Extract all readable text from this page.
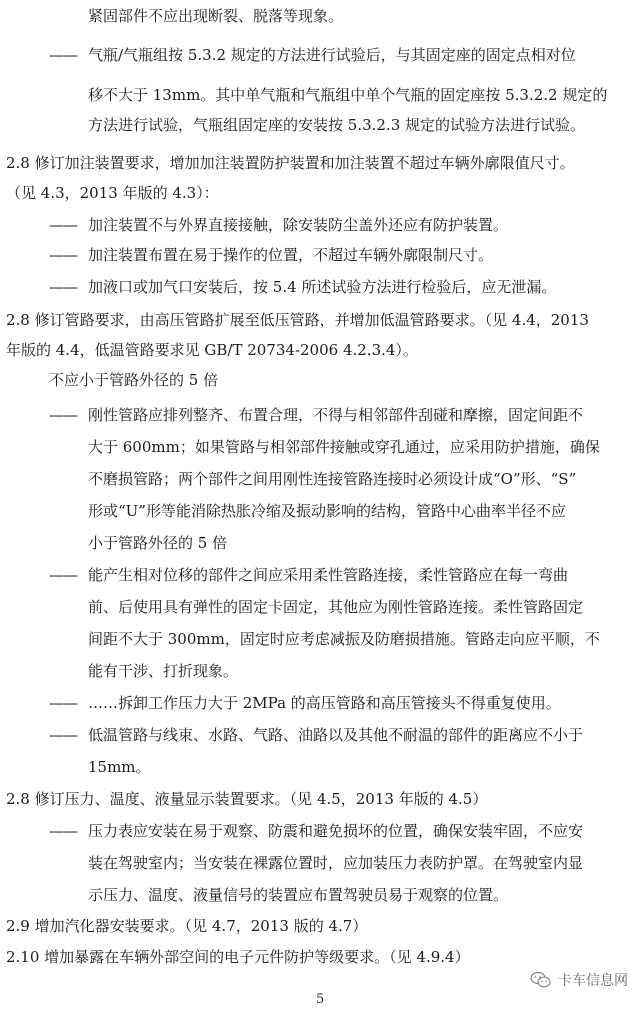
紧固部件不应出现断裂、脱落等现象。
—— 气瓶/气瓶组按 5.3.2 规定的方法进行试验后，与其固定座的固定点相对位
移不大于 13mm。其中单气瓶和气瓶组中单个气瓶的固定座按 5.3.2.2 规定的
方法进行试验，气瓶组固定座的安装按 5.3.2.3 规定的试验方法进行试验。
2.8 修订加注装置要求，增加加注装置防护装置和加注装置不超过车辆外廓限值尺寸。
（见 4.3，2013 年版的 4.3）：
—— 加注装置不与外界直接接触，除安装防尘盖外还应有防护装置。
—— 加注装置布置在易于操作的位置，不超过车辆外廓限制尺寸。
—— 加液口或加气口安装后，按 5.4 所述试验方法进行检验后，应无泄漏。
2.8 修订管路要求，由高压管路扩展至低压管路，并增加低温管路要求。（见 4.4，2013
年版的 4.4，低温管路要求见 GB/T 20734-2006 4.2.3.4）。
不应小于管路外径的 5 倍
—— 刚性管路应排列整齐、布置合理，不得与相邻部件刮碰和摩擦，固定间距不
大于 600mm；如果管路与相邻部件接触或穿孔通过，应采用防护措施，确保
不磨损管路；两个部件之间用刚性连接管路连接时必须设计成“O”形、“S”
形或“U”形等能消除热胀冷缩及振动影响的结构，管路中心曲率半径不应
小于管路外径的 5 倍
—— 能产生相对位移的部件之间应采用柔性管路连接，柔性管路应在每一弯曲
前、后使用具有弹性的固定卡固定，其他应为刚性管路连接。柔性管路固定
间距不大于 300mm，固定时应考虑减振及防磨损措施。管路走向应平顺，不
能有干涉、打折现象。
—— ……拆卸工作压力大于 2MPa 的高压管路和高压管接头不得重复使用。
—— 低温管路与线束、水路、气路、油路以及其他不耐温的部件的距离应不小于
15mm。
2.8 修订压力、温度、液量显示装置要求。（见 4.5，2013 年版的 4.5）
—— 压力表应安装在易于观察、防震和避免损坏的位置，确保安装牢固，不应安
装在驾驶室内；当安装在裸露位置时，应加装压力表防护罩。在驾驶室内显
示压力、温度、液量信号的装置应布置驾驶员易于观察的位置。
2.9 增加汽化器安装要求。（见 4.7，2013 版的 4.7）
2.10 增加暴露在车辆外部空间的电子元件防护等级要求。（见 4.9.4）
卡车信息网
5
